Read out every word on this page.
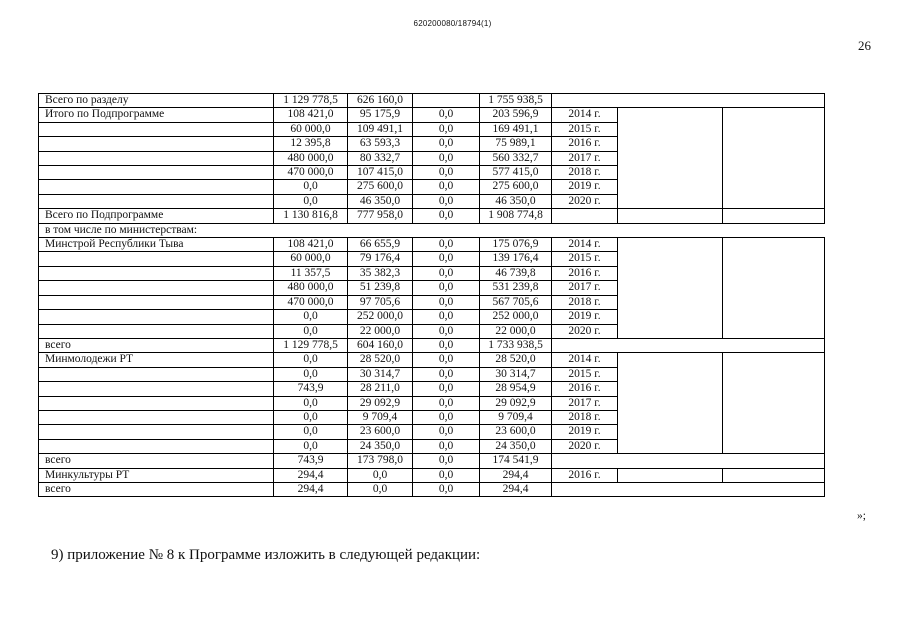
620200080/18794(1)
26
Всего по разделу	1 129 778,5	626 160,0		1 755 938,5			
Итого по Подпрограмме	108 421,0	95 175,9	0,0	203 596,9	2014 г.		
	60 000,0	109 491,1	0,0	169 491,1	2015 г.		
	12 395,8	63 593,3	0,0	75 989,1	2016 г.		
	480 000,0	80 332,7	0,0	560 332,7	2017 г.		
	470 000,0	107 415,0	0,0	577 415,0	2018 г.		
	0,0	275 600,0	0,0	275 600,0	2019 г.		
	0,0	46 350,0	0,0	46 350,0	2020 г.		
Всего по Подпрограмме	1 130 816,8	777 958,0	0,0	1 908 774,8			
в том числе по министерствам:							
Минстрой Республики Тыва	108 421,0	66 655,9	0,0	175 076,9	2014 г.		
	60 000,0	79 176,4	0,0	139 176,4	2015 г.		
	11 357,5	35 382,3	0,0	46 739,8	2016 г.		
	480 000,0	51 239,8	0,0	531 239,8	2017 г.		
	470 000,0	97 705,6	0,0	567 705,6	2018 г.		
	0,0	252 000,0	0,0	252 000,0	2019 г.		
	0,0	22 000,0	0,0	22 000,0	2020 г.		
всего	1 129 778,5	604 160,0	0,0	1 733 938,5			
Минмолодежи РТ	0,0	28 520,0	0,0	28 520,0	2014 г.		
	0,0	30 314,7	0,0	30 314,7	2015 г.		
	743,9	28 211,0	0,0	28 954,9	2016 г.		
	0,0	29 092,9	0,0	29 092,9	2017 г.		
	0,0	9 709,4	0,0	9 709,4	2018 г.		
	0,0	23 600,0	0,0	23 600,0	2019 г.		
	0,0	24 350,0	0,0	24 350,0	2020 г.		
всего	743,9	173 798,0	0,0	174 541,9			
Минкультуры РТ	294,4	0,0	0,0	294,4	2016 г.		
всего	294,4	0,0	0,0	294,4			
»;
9) приложение № 8 к Программе изложить в следующей редакции:
